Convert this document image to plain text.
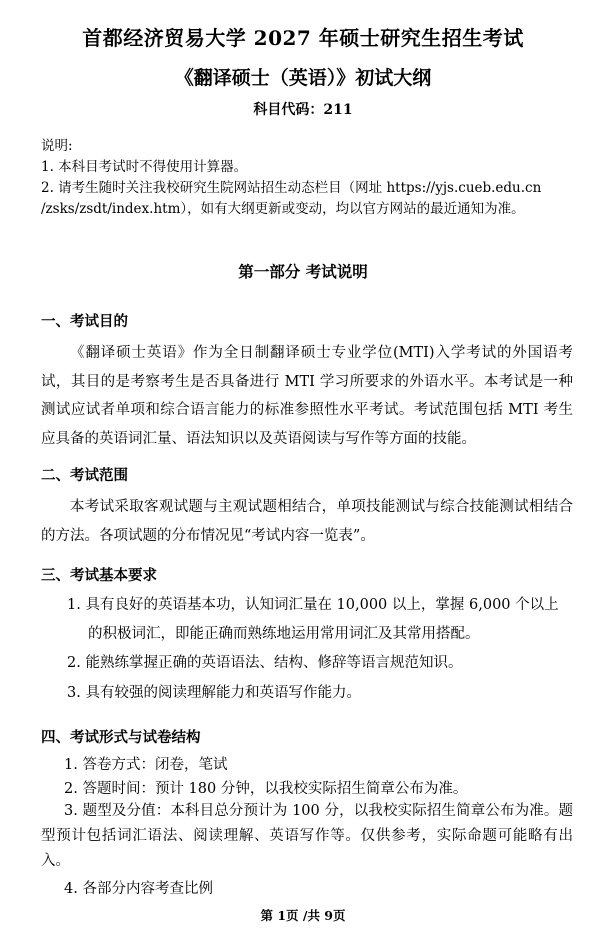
首都经济贸易大学 2027 年硕士研究生招生考试
《翻译硕士（英语）》初试大纲
科目代码：211
说明:
1. 本科目考试时不得使用计算器。
2. 请考生随时关注我校研究生院网站招生动态栏目（网址 https://yjs.cueb.edu.cn
/zsks/zsdt/index.htm），如有大纲更新或变动，均以官方网站的最近通知为准。
第一部分 考试说明
一、考试目的
《翻译硕士英语》作为全日制翻译硕士专业学位(MTI)入学考试的外国语考试，其目的是考察考生是否具备进行 MTI 学习所要求的外语水平。本考试是一种测试应试者单项和综合语言能力的标准参照性水平考试。考试范围包括 MTI 考生应具备的英语词汇量、语法知识以及英语阅读与写作等方面的技能。
二、考试范围
本考试采取客观试题与主观试题相结合，单项技能测试与综合技能测试相结合的方法。各项试题的分布情况见“考试内容一览表”。
三、考试基本要求
1. 具有良好的英语基本功，认知词汇量在 10,000 以上，掌握 6,000 个以上
的积极词汇，即能正确而熟练地运用常用词汇及其常用搭配。
2. 能熟练掌握正确的英语语法、结构、修辞等语言规范知识。
3. 具有较强的阅读理解能力和英语写作能力。
四、考试形式与试卷结构
1. 答卷方式：闭卷，笔试
2. 答题时间：预计 180 分钟，以我校实际招生简章公布为准。
3. 题型及分值：本科目总分预计为 100 分，以我校实际招生简章公布为准。题型预计包括词汇语法、阅读理解、英语写作等。仅供参考，实际命题可能略有出入。
4. 各部分内容考查比例
第 1页 /共 9页
